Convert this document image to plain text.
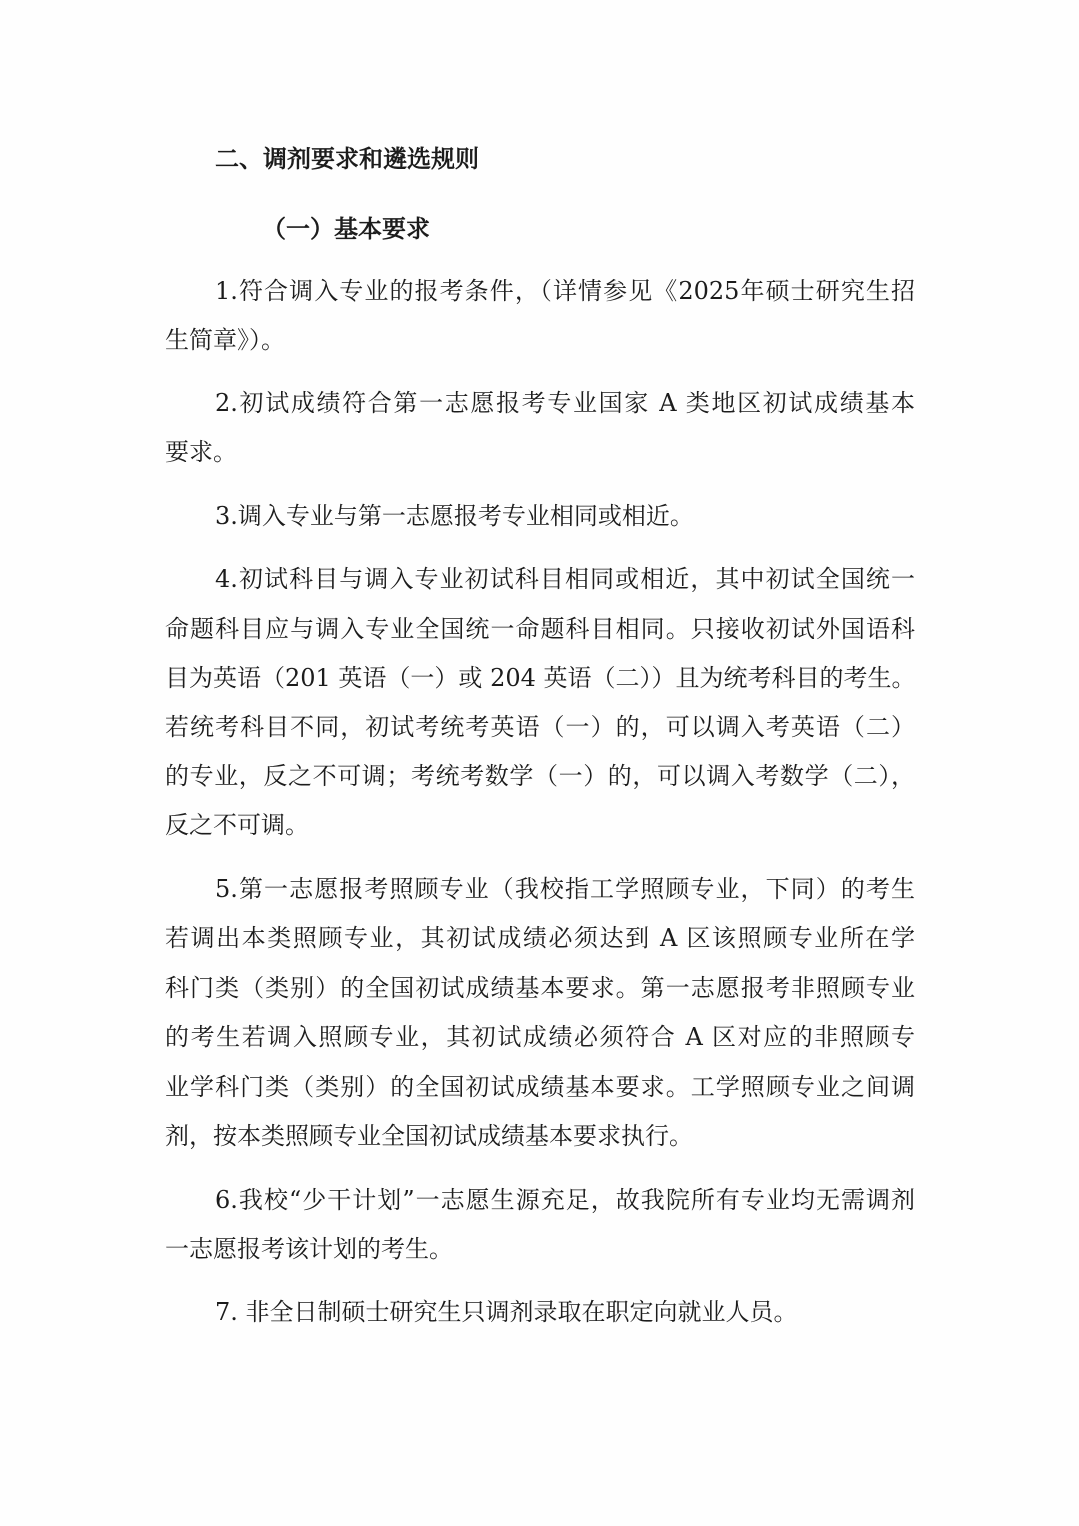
二、调剂要求和遴选规则
（一）基本要求
1.符合调入专业的报考条件，（详情参见《2025年硕士研究生招
生简章》）。
2.初试成绩符合第一志愿报考专业国家 A 类地区初试成绩基本
要求。
3.调入专业与第一志愿报考专业相同或相近。
4.初试科目与调入专业初试科目相同或相近，其中初试全国统一
命题科目应与调入专业全国统一命题科目相同。只接收初试外国语科
目为英语（201 英语（一）或 204 英语（二））且为统考科目的考生。
若统考科目不同，初试考统考英语（一）的，可以调入考英语（二）
的专业，反之不可调；考统考数学（一）的，可以调入考数学（二），
反之不可调。
5.第一志愿报考照顾专业（我校指工学照顾专业，下同）的考生
若调出本类照顾专业，其初试成绩必须达到 A 区该照顾专业所在学
科门类（类别）的全国初试成绩基本要求。第一志愿报考非照顾专业
的考生若调入照顾专业，其初试成绩必须符合 A 区对应的非照顾专
业学科门类（类别）的全国初试成绩基本要求。工学照顾专业之间调
剂，按本类照顾专业全国初试成绩基本要求执行。
6.我校“少干计划”一志愿生源充足，故我院所有专业均无需调剂
一志愿报考该计划的考生。
7. 非全日制硕士研究生只调剂录取在职定向就业人员。
